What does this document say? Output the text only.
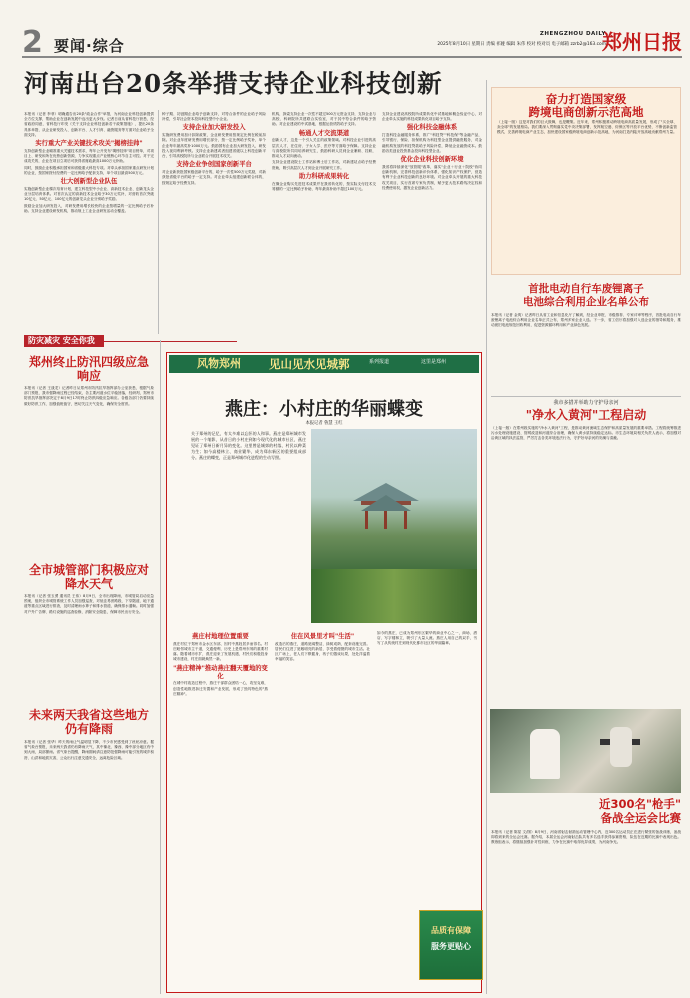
2 要闻·综合
ZHENGZHOU DAILY
2025年8月10日 星期日 责编 祁娅 编辑 朱伟 校对 校对员 电子邮箱 zzrb2@163.com
郑州日报
河南出台20条举措支持企业科技创新
本报讯（记者 李菲）明确通告出20条"政金合作"举措，为河南企业科技创新提供全方位支撑，帮助企业在创新发展中迈出更大步伐。记者日前从省科技厅获悉，经省政府同意，省科技厅印发《关于支持企业科技创新若干政策措施》，提出20条具体举措，从企业研发投入、创新平台、人才引育、融资服务等方面对企业给予全面支持。
实行重大产业关键技术攻关"揭榜挂帅"
支持创新型企业瞄准重大关键技术需求，每年公开发布"揭榜挂帅"项目榜单，对项目上、研发和所在优势创新资源，力争实现重点产业链核心环节自主可控。对于完成攻关的，企业在项目立项后可获得省财政最高1000万元补助。
同时，鼓励企业积极承担国家和省级重大科技专项。对牵头承担国家重点研发计划的企业，按国家拨付经费的一定比例给予配套支持，单个项目最高500万元。
壮大创新型企业队伍
实施创新型企业梯次培育计划，建立科技型中小企业、高新技术企业、创新龙头企业分层培育体系。对首次认定的高新技术企业给予30万元奖补，对营收首次突破10亿元、50亿元、100亿元的创新龙头企业分别给予奖励。
鼓励企业加大研发投入，对研发费用增长较快的企业按增量的一定比例给予后补助。支持企业建设研发机构，推动规上工业企业研发活动全覆盖。
种子期、初创期企业给予创新支持，对符合条件的企业给予风险补偿，引导社会资本投向科技型中小企业。
支持企业加大研发投入
实施研发费用加计扣除政策，企业研发费用按规定比例在税前扣除。对企业年度研发费用增长部分，按一定比例给予奖补，单个企业每年最高奖补1000万元。鼓励国有企业加大研发投入，研发投入视同利润考核。支持企业新建或者组建省级以上科技创新平台，引导高校院所与企业联合开展技术攻关。
支持企业争创国家创新平台
对企业新获批国家级创新平台的，给予一次性500万元奖励，对新获批省级平台的给予一定支持。对企业牵头组建创新联合体的，按规定给予经费支持。
机构，探索支持企业一次性不超过500万元资金支持，支持企业与高校、科研院所共建联合实验室，对于其中符合条件的给予资助。对企业建设的中试基地，根据运营绩效给予支持。
畅通人才交流渠道
创新人才，这是一个引人关注的政策领域。对科技企业引进的高层次人才，在住房、子女入学、医疗等方面给予保障。支持企业与高校院所共同培养研究生，鼓励科研人员到企业兼职、挂职，推动人才双向流动。
支持企业建设院士工作站和博士后工作站，对新建站点给予经费资助，吸引高层次人才到企业开展研究工作。
助力科研成果转化
在豫企业购买先进技术成果并在我省转化的，按实际支付技术交易额的一定比例给予补助，每年最高补助不超过100万元。
支持企业建设高校院所成果转化中试基地和概念验证中心，对企业牵头实施的科技成果转化项目给予支持。
强化科技金融体系
打造科技金融服务体系，推广"科技贷""科技保"等金融产品，引导银行、保险、担保机构为科技型企业提供融资服务，对金融机构发放的科技贷款给予风险补偿，降低企业融资成本。鼓励各类创业投资基金投向科技型企业。
优化企业科技创新环境
我省将持续深化"放管服"改革，落实"企业＋行业＋院校"协同创新机制，完善科技创新评价体系，强化知识产权保护，营造有利于企业科技创新的良好环境。对企业牵头开展的重大科技攻关项目，实行首席专家负责制，赋予更大技术路线决定权和经费使用权，激发企业创新活力。
奋力打造国家级
跨境电商创新示范高地
（上接一版）这是对我们的巨大鼓舞，也是鞭策。近年来，郑州积极推动跨境电商高质量发展，形成了"买全球、卖全球"的发展格局。我们要深入贯彻落实党中央决策部署，发挥航空港、综保区等开放平台优势，不断创新监管模式，完善跨境电商产业生态，加快建设国家级跨境电商创新示范高地，为河南打造内陆开放高地贡献郑州力量。
首批电动自行车废锂离子
电池综合利用企业名单公布
本报讯（记者 金爽）记者昨日从省工业和信息化厅了解到，经企业申报、市级推荐、专家评审等程序，首批电动自行车废锂离子电池综合利用企业名单正式公布，郑州多家企业入选。下一步，省工信厅将加强对入选企业的指导和服务，推动废旧电池规范回收利用，促进资源循环利用和产业绿色发展。
我市多措并举助力守护母亲河
"净水入黄河"工程启动
（上接一版）在郑州段实施的"净水入黄河"工程，是推动黄河流域生态保护和高质量发展的重要举措。工程将统筹推进污水处理设施建设、管网改造和河道综合治理，确保入黄水质持续稳定达标。市生态环境局相关负责人表示，将加强对沿黄区域的执法监管，严厉打击各类环境违法行为，守护好母亲河的安澜与清澈。
近300名"枪手"
备战全运会比赛
本报讯（记者 陈星 文/图）8月9日，河南省射击射箭运动管理中心内，近300名运动员正在进行紧张的备战训练，备战即将到来的全运会比赛。据介绍，本届全运会河南射击队共有多名选手获得参赛资格，队伍在近期的比赛中表现出色。教练组表示，将继续加强针对性训练，力争在比赛中取得优异成绩，为河南争光。
防灾减灾 安全你我
郑州终止防汛四级应急响应
本报讯（记者 王战龙）记者昨日从郑州市防汛抗旱指挥部办公室获悉，根据气象部门预报，我市强降雨过程已经结束，各主要河道水位平稳回落，经研判，郑州市防汛抗旱指挥部决定于8月9日17时终止防汛四级应急响应。各级各部门仍要持续做好防汛工作，加强值班值守，密切关注天气变化，确保安全度汛。
全市城管部门积极应对降水天气
本报讯（记者 张玉勇 通讯员 王伟）8月9日，全市出现降雨，市城管局启动应急预案，组织全市城管系统工作人员加强巡查，对低洼易涝路段、下穿隧道、地下通道等重点区域进行排查，及时清理雨水箅子和排水管道，确保排水通畅。同时加强对户外广告牌、路灯设施的巡查检修，消除安全隐患，保障市民出行安全。
未来两天我省这些地方仍有降雨
本报讯（记者 张华）昨天的雨让气温明显下降，不少市民感受到了丝丝凉意。据省气象台预报，未来两天我省仍有降雨天气，其中豫北、豫西、豫中部分地区有中到大雨，局部暴雨。省气象台提醒，降雨期间请注意防范强降雨可能引发的城乡积涝、山洪和地质灾害，公众出行注意交通安全，远离危险区域。
风物郑州 见山见水见城郭	系列报道	这里是郑州
燕庄：小村庄的华丽蝶变
本报记者 鲁慧 王红
关于郑州的记忆，有太多难以忘怀的人和事。燕庄是郑州城市发展的一个缩影，从昔日的小村庄到如今现代化的城市社区，燕庄见证了郑州日新月异的变化。这里曾是城郊的村落，村民以种菜为生；如今高楼林立、商业繁华，成为郑东新区的重要组成部分。燕庄的蝶变，正是郑州城市化进程的生动写照。
燕庄村地理位置重要
燕庄村位于郑州市金水区东部，因村中燕姓居多而得名。村庄毗邻城市主干道，交通便利，历史上是郑州东郊的重要村落。随着城市东扩，燕庄迎来了发展机遇，村民们积极投身城市建设，村庄面貌焕然一新。
"燕庄精神"推动燕庄翻天覆地的变化
在城中村改造过程中，燕庄干部群众团结一心，攻坚克难，创造性地推进拆迁安置和产业发展，形成了独具特色的"燕庄精神"。
住在风景里才叫"生活"
改造后的燕庄，道路宽阔整洁，绿树成荫，配套设施完善。居民们住进了宽敞明亮的新居，享受着便捷的城市生活。社区广场上，老人们下棋健身，孩子们嬉戏玩耍，处处洋溢着幸福的笑容。
如今的燕庄，已成为郑州东区繁华的商业中心之一，商场、酒店、写字楼林立，吸引了大量人流。燕庄人用自己的双手，书写了从传统村庄到现代化都市社区的华丽篇章。
品质有保障
服务更贴心
